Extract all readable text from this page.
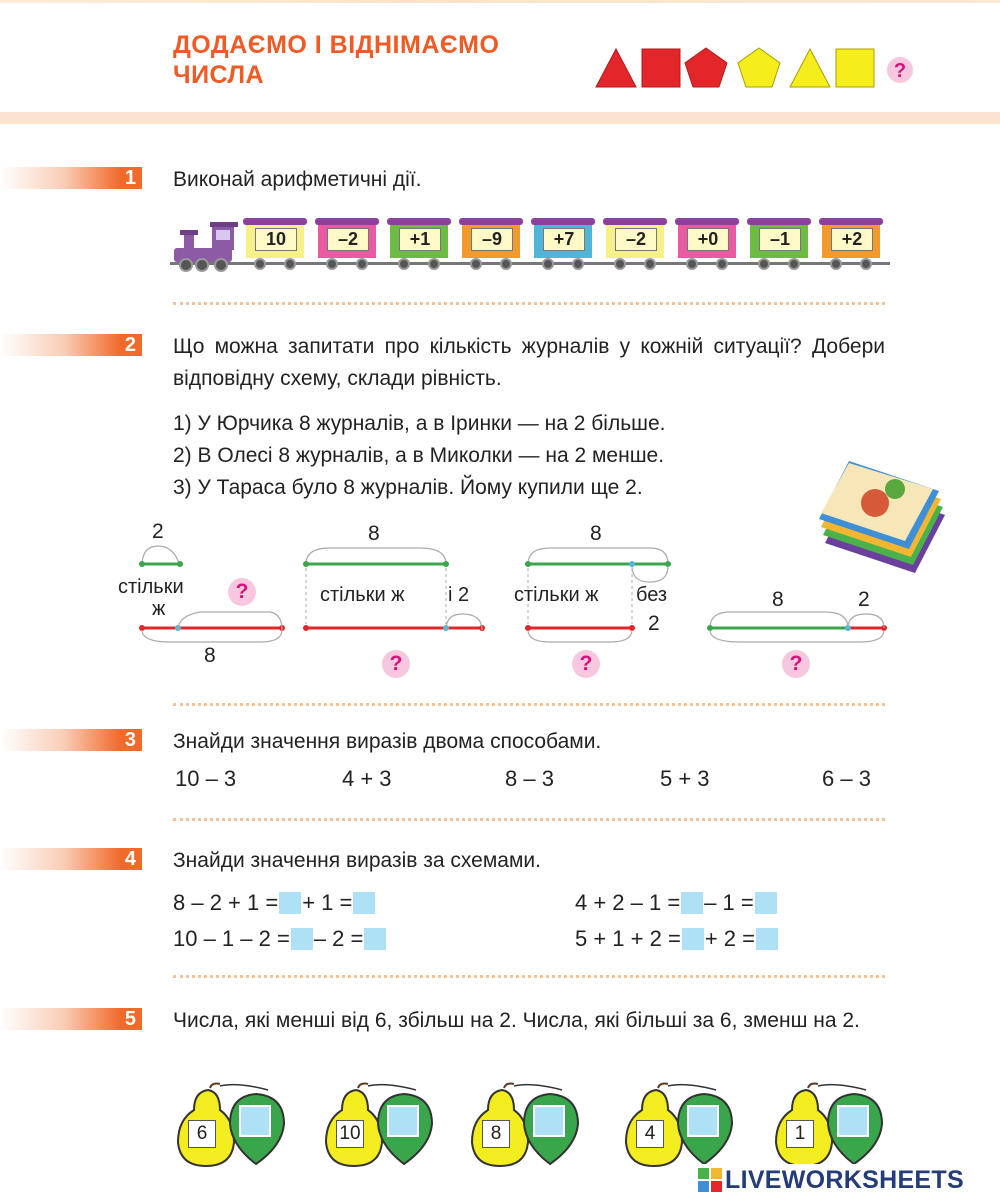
ДОДАЄМО І ВІДНІМАЄМО ЧИСЛА	?
1 Виконай арифметичні дії.
10	–2	+1	–9	+7	–2	+0	–1	+2
2 Що можна запитати про кількість журналів у кожній ситуації? Добери відповідну схему, склади рівність.
1) У Юрчика 8 журналів, а в Іринки — на 2 більше.
2) В Олесі 8 журналів, а в Миколки — на 2 менше.
3) У Тараса було 8 журналів. Йому купили ще 2.
2
стільки
ж
8
?
8
стільки ж і 2
?
8
стільки ж без
2
?
8	2
?
3 Знайди значення виразів двома способами.
10 – 3	4 + 3	8 – 3	5 + 3	6 – 3
4 Знайди значення виразів за схемами.
8 – 2 + 1 = + 1 =
10 – 1 – 2 = – 2 =
4 + 2 – 1 = – 1 =
5 + 1 + 2 = + 2 =
5 Числа, які менші від 6, збільш на 2. Числа, які більші за 6, зменш на 2.
6	10	8	4	1
LIVEWORKSHEETS
